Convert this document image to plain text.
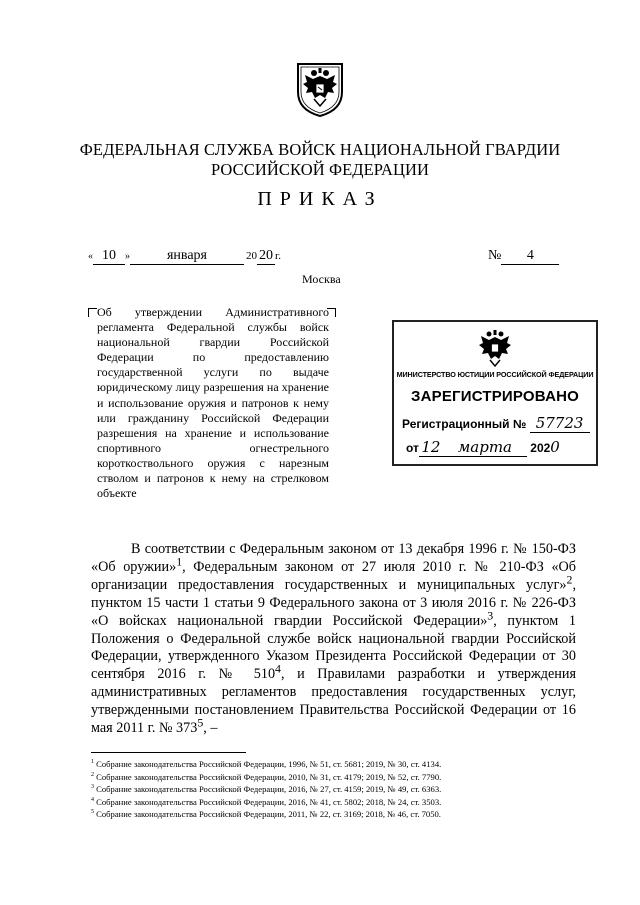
ФЕДЕРАЛЬНАЯ СЛУЖБА ВОЙСК НАЦИОНАЛЬНОЙ ГВАРДИИ
РОССИЙСКОЙ ФЕДЕРАЦИИ
ПРИКАЗ
« 10 »	января	20 20 г.	№ 4
Москва
Об утверждении Административного регламента Федеральной службы войск национальной гвардии Российской Федерации по предоставлению государственной услуги по выдаче юридическому лицу разрешения на хранение и использование оружия и патронов к нему или гражданину Российской Федерации разрешения на хранение и использование спортивного огнестрельного короткоствольного оружия с нарезным стволом и патронов к нему на стрелковом объекте
МИНИСТЕРСТВО ЮСТИЦИИ РОССИЙСКОЙ ФЕДЕРАЦИИ
ЗАРЕГИСТРИРОВАНО
Регистрационный № 57723
от 12 марта 2020

В соответствии с Федеральным законом от 13 декабря 1996 г. № 150-ФЗ «Об оружии»$^1$, Федеральным законом от 27 июля 2010 г. № 210-ФЗ «Об организации предоставления государственных и муниципальных услуг»$^2$, пунктом 15 части 1 статьи 9 Федерального закона от 3 июля 2016 г. № 226-ФЗ «О войсках национальной гвардии Российской Федерации»$^3$, пунктом 1 Положения о Федеральной службе войск национальной гвардии Российской Федерации, утвержденного Указом Президента Российской Федерации от 30 сентября 2016 г. № $510^4$, и Правилами разработки и утверждения административных регламентов предоставления государственных услуг, утвержденными постановлением Правительства Российской Федерации от 16 мая 2011 г. № $373^5$, –

$^1$ Собрание законодательства Российской Федерации, 1996, № 51, ст. 5681; 2019, № 30, ст. 4134.
$^2$ Собрание законодательства Российской Федерации, 2010, № 31, ст. 4179; 2019, № 52, ст. 7790.
$^3$ Собрание законодательства Российской Федерации, 2016, № 27, ст. 4159; 2019, № 49, ст. 6363.
$^4$ Собрание законодательства Российской Федерации, 2016, № 41, ст. 5802; 2018, № 24, ст. 3503.
$^5$ Собрание законодательства Российской Федерации, 2011, № 22, ст. 3169; 2018, № 46, ст. 7050.
